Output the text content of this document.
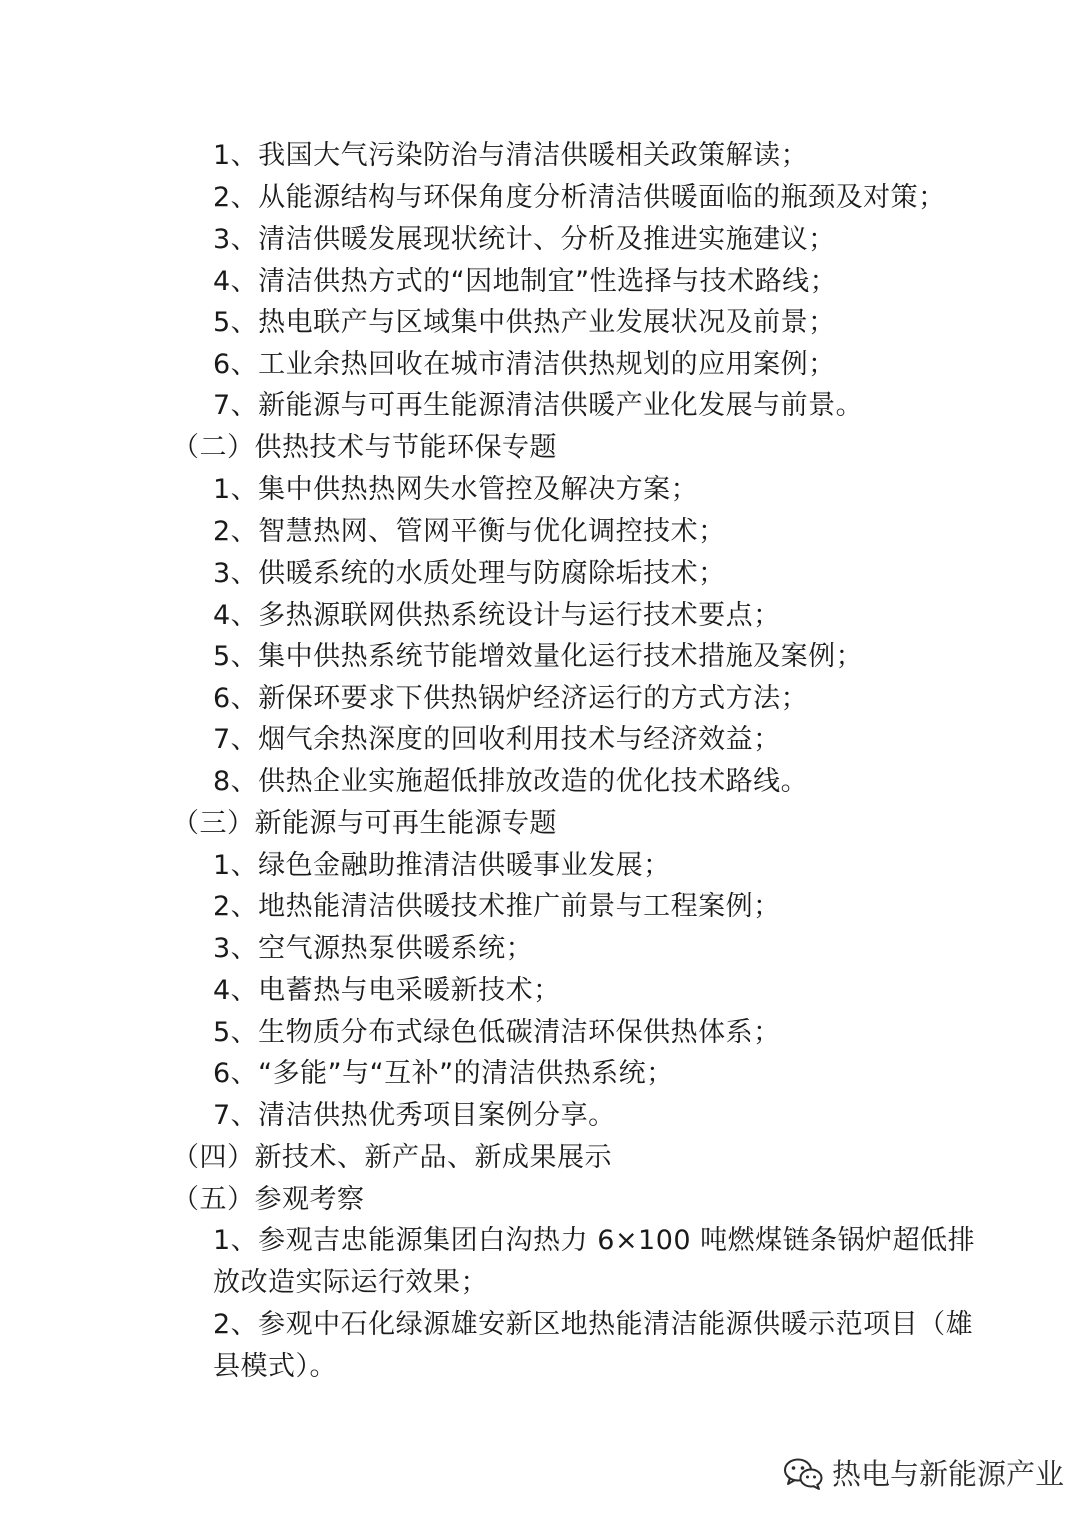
1、我国大气污染防治与清洁供暖相关政策解读；
2、从能源结构与环保角度分析清洁供暖面临的瓶颈及对策；
3、清洁供暖发展现状统计、分析及推进实施建议；
4、清洁供热方式的“因地制宜”性选择与技术路线；
5、热电联产与区域集中供热产业发展状况及前景；
6、工业余热回收在城市清洁供热规划的应用案例；
7、新能源与可再生能源清洁供暖产业化发展与前景。
（二）供热技术与节能环保专题
1、集中供热热网失水管控及解决方案；
2、智慧热网、管网平衡与优化调控技术；
3、供暖系统的水质处理与防腐除垢技术；
4、多热源联网供热系统设计与运行技术要点；
5、集中供热系统节能增效量化运行技术措施及案例；
6、新保环要求下供热锅炉经济运行的方式方法；
7、烟气余热深度的回收利用技术与经济效益；
8、供热企业实施超低排放改造的优化技术路线。
（三）新能源与可再生能源专题
1、绿色金融助推清洁供暖事业发展；
2、地热能清洁供暖技术推广前景与工程案例；
3、空气源热泵供暖系统；
4、电蓄热与电采暖新技术；
5、生物质分布式绿色低碳清洁环保供热体系；
6、“多能”与“互补”的清洁供热系统；
7、清洁供热优秀项目案例分享。
（四）新技术、新产品、新成果展示
（五）参观考察
1、参观吉忠能源集团白沟热力 6×100 吨燃煤链条锅炉超低排
放改造实际运行效果；
2、参观中石化绿源雄安新区地热能清洁能源供暖示范项目（雄
县模式）。
热电与新能源产业
